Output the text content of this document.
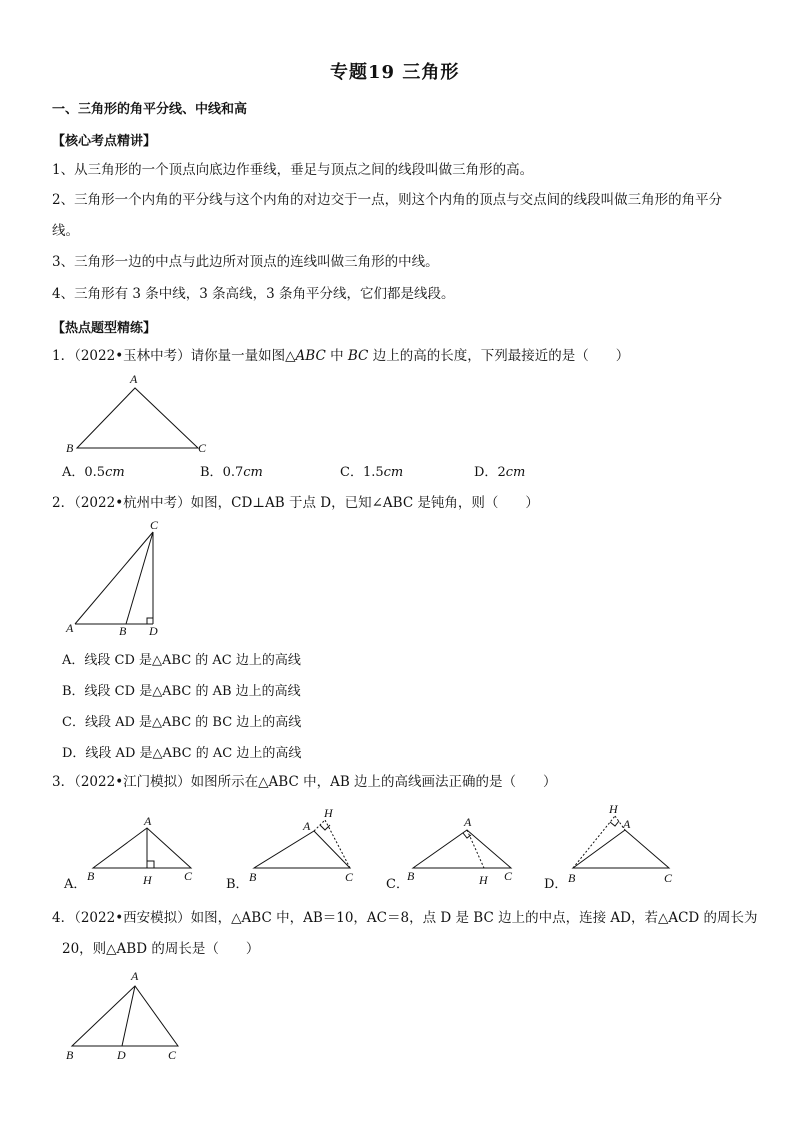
专题19 三角形
一、三角形的角平分线、中线和高
【核心考点精讲】
1、从三角形的一个顶点向底边作垂线，垂足与顶点之间的线段叫做三角形的高。
2、三角形一个内角的平分线与这个内角的对边交于一点，则这个内角的顶点与交点间的线段叫做三角形的角平分
线。
3、三角形一边的中点与此边所对顶点的连线叫做三角形的中线。
4、三角形有 3 条中线，3 条高线，3 条角平分线，它们都是线段。
【热点题型精练】
1．（2022•玉林中考）请你量一量如图△ABC 中 BC 边上的高的长度，下列最接近的是（　　）
A
B	C
A．0.5cm	B．0.7cm	C．1.5cm	D．2cm
2．（2022•杭州中考）如图，CD⊥AB 于点 D，已知∠ABC 是钝角，则（　　）
C
A	B D
A．线段 CD 是△ABC 的 AC 边上的高线
B．线段 CD 是△ABC 的 AB 边上的高线
C．线段 AD 是△ABC 的 BC 边上的高线
D．线段 AD 是△ABC 的 AC 边上的高线
3．（2022•江门模拟）如图所示在△ABC 中，AB 边上的高线画法正确的是（　　）
A．
A
B	H	C
B．
A
H
B	C	C．
A
B	H C
D．
H
A
B	C
4．（2022•西安模拟）如图，△ABC 中，AB＝10，AC＝8，点 D 是 BC 边上的中点，连接 AD，若△ACD 的周长为
20，则△ABD 的周长是（　　）
A
B	D	C
